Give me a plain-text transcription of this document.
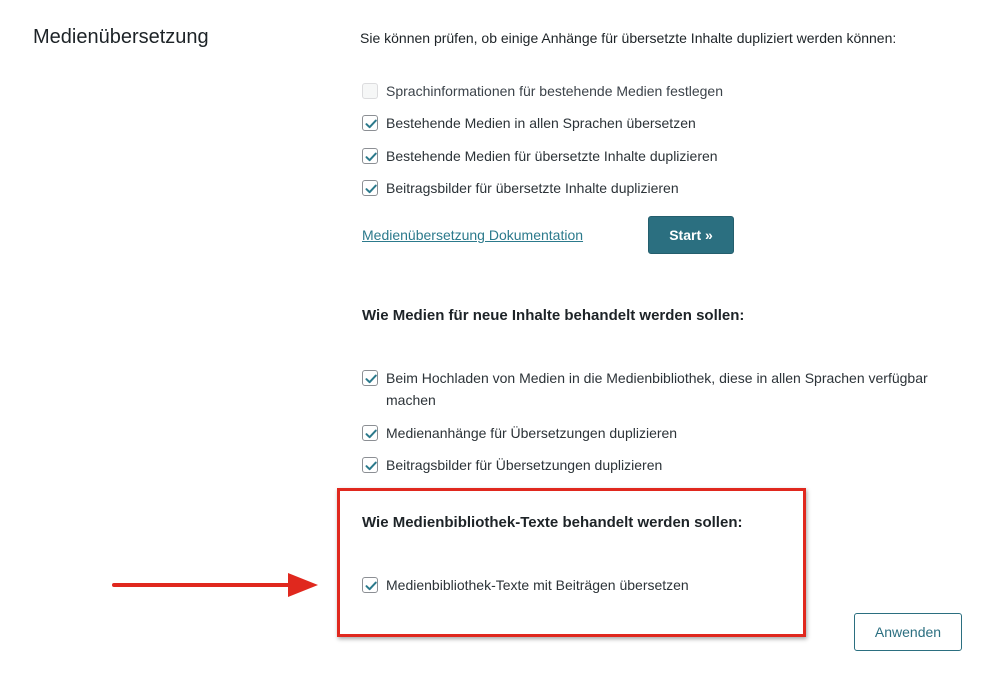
Medienübersetzung	Sie können prüfen, ob einige Anhänge für übersetzte Inhalte dupliziert werden können:

Sprachinformationen für bestehende Medien festlegen
Bestehende Medien in allen Sprachen übersetzen
Bestehende Medien für übersetzte Inhalte duplizieren
Beitragsbilder für übersetzte Inhalte duplizieren
Medienübersetzung Dokumentation	Start »
Wie Medien für neue Inhalte behandelt werden sollen:
Beim Hochladen von Medien in die Medienbibliothek, diese in allen Sprachen verfügbar machen
Medienanhänge für Übersetzungen duplizieren
Beitragsbilder für Übersetzungen duplizieren
Wie Medienbibliothek-Texte behandelt werden sollen:
Medienbibliothek-Texte mit Beiträgen übersetzen
Anwenden
